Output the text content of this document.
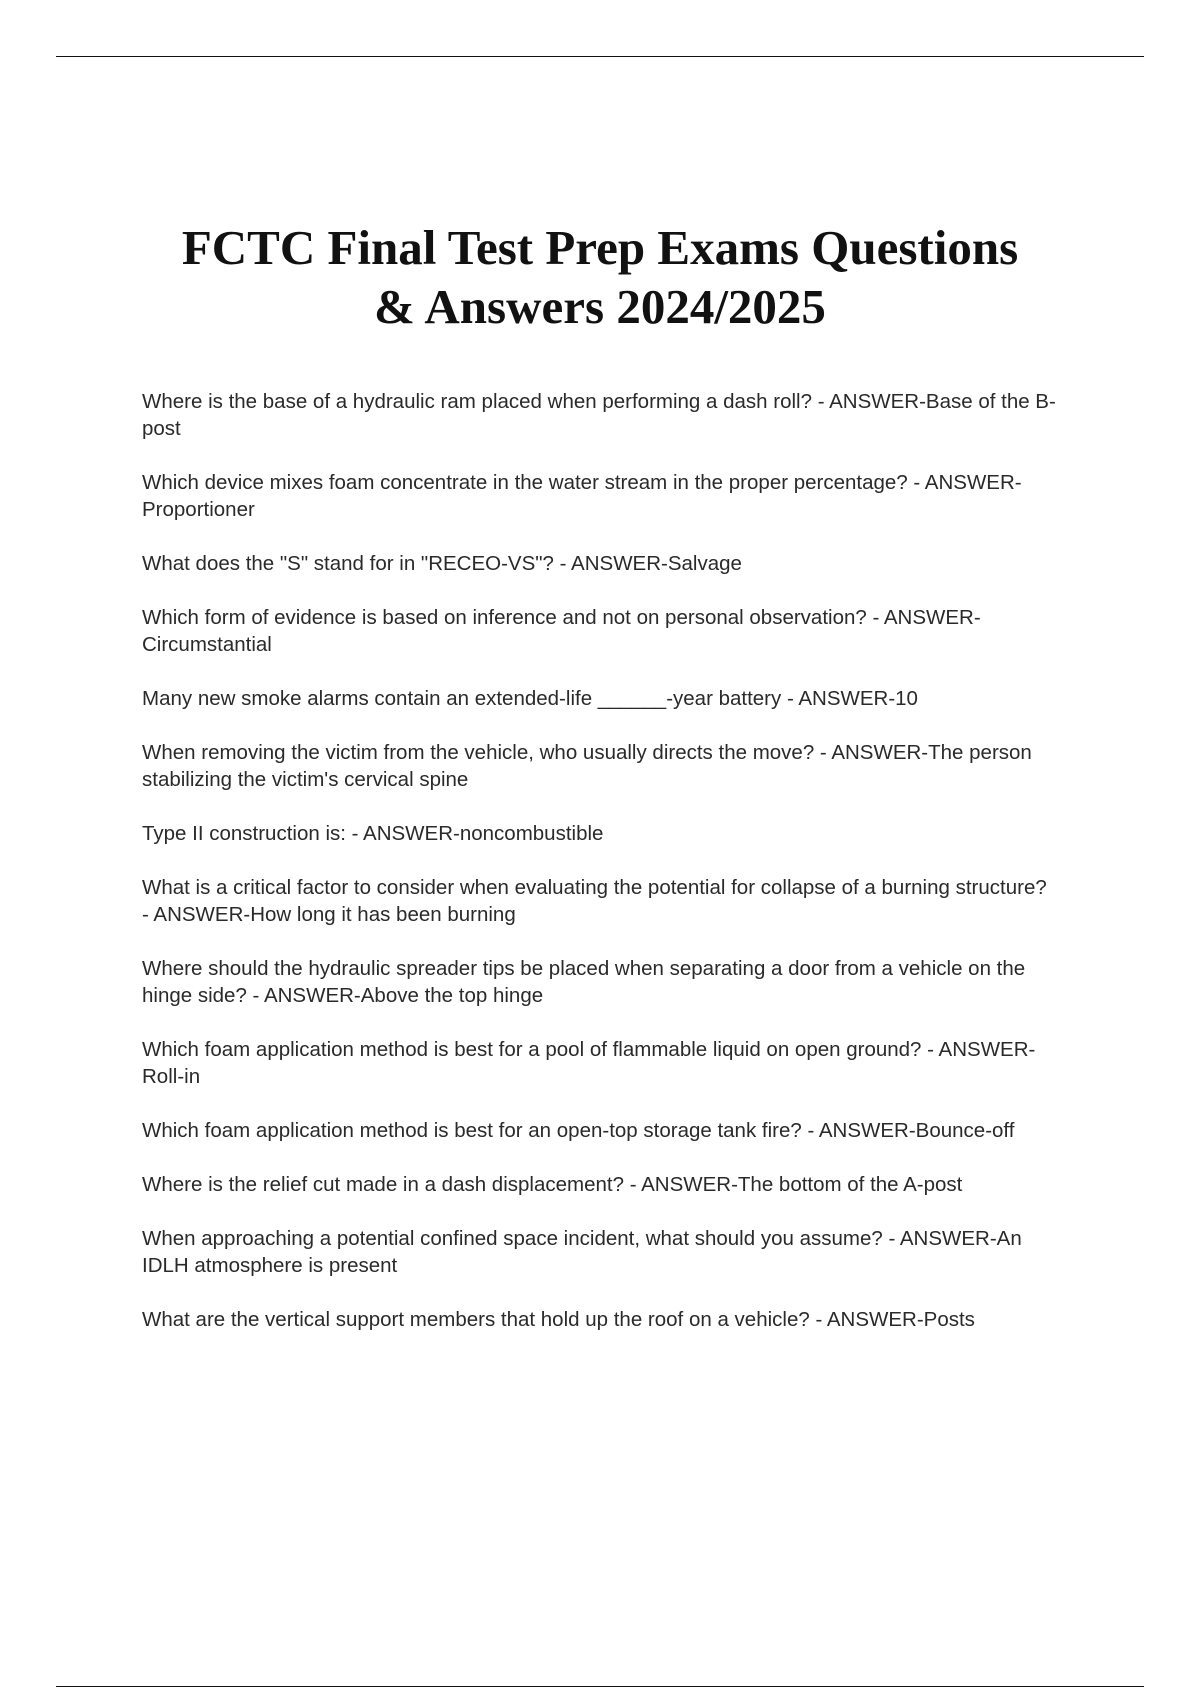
FCTC Final Test Prep Exams Questions
& Answers 2024/2025
Where is the base of a hydraulic ram placed when performing a dash roll? - ANSWER-Base of the B-post
Which device mixes foam concentrate in the water stream in the proper percentage? - ANSWER-Proportioner
What does the "S" stand for in "RECEO-VS"? - ANSWER-Salvage
Which form of evidence is based on inference and not on personal observation? - ANSWER-Circumstantial
Many new smoke alarms contain an extended-life ______-year battery - ANSWER-10
When removing the victim from the vehicle, who usually directs the move? - ANSWER-The person stabilizing the victim's cervical spine
Type II construction is: - ANSWER-noncombustible
What is a critical factor to consider when evaluating the potential for collapse of a burning structure? - ANSWER-How long it has been burning
Where should the hydraulic spreader tips be placed when separating a door from a vehicle on the hinge side? - ANSWER-Above the top hinge
Which foam application method is best for a pool of flammable liquid on open ground? - ANSWER-Roll-in
Which foam application method is best for an open-top storage tank fire? - ANSWER-Bounce-off
Where is the relief cut made in a dash displacement? - ANSWER-The bottom of the A-post
When approaching a potential confined space incident, what should you assume? - ANSWER-An IDLH atmosphere is present
What are the vertical support members that hold up the roof on a vehicle? - ANSWER-Posts
